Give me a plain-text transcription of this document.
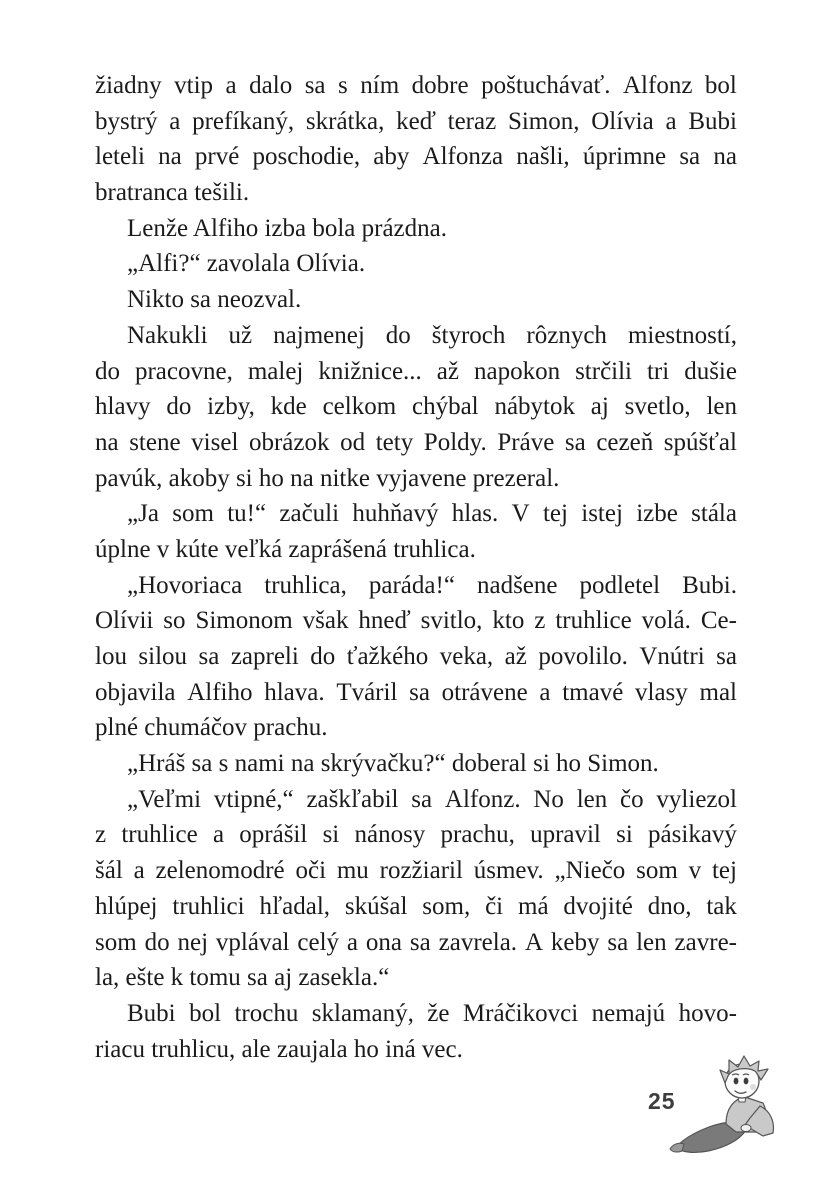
žiadny vtip a dalo sa s ním dobre poštuchávať. Alfonz bol
bystrý a prefíkaný, skrátka, keď teraz Simon, Olívia a Bubi
leteli na prvé poschodie, aby Alfonza našli, úprimne sa na
bratranca tešili.
Lenže Alfiho izba bola prázdna.
„Alfi?“ zavolala Olívia.
Nikto sa neozval.
Nakukli už najmenej do štyroch rôznych miestností,
do pracovne, malej knižnice... až napokon strčili tri dušie
hlavy do izby, kde celkom chýbal nábytok aj svetlo, len
na stene visel obrázok od tety Poldy. Práve sa cezeň spúšťal
pavúk, akoby si ho na nitke vyjavene prezeral.
„Ja som tu!“ začuli huhňavý hlas. V tej istej izbe stála
úplne v kúte veľká zaprášená truhlica.
„Hovoriaca truhlica, paráda!“ nadšene podletel Bubi.
Olívii so Simonom však hneď svitlo, kto z truhlice volá. Ce-
lou silou sa zapreli do ťažkého veka, až povolilo. Vnútri sa
objavila Alfiho hlava. Tváril sa otrávene a tmavé vlasy mal
plné chumáčov prachu.
„Hráš sa s nami na skrývačku?“ doberal si ho Simon.
„Veľmi vtipné,“ zaškľabil sa Alfonz. No len čo vyliezol
z truhlice a oprášil si nánosy prachu, upravil si pásikavý
šál a zelenomodré oči mu rozžiaril úsmev. „Niečo som v tej
hlúpej truhlici hľadal, skúšal som, či má dvojité dno, tak
som do nej vplával celý a ona sa zavrela. A keby sa len zavre-
la, ešte k tomu sa aj zasekla.“
Bubi bol trochu sklamaný, že Mráčikovci nemajú hovo-
riacu truhlicu, ale zaujala ho iná vec.
25
